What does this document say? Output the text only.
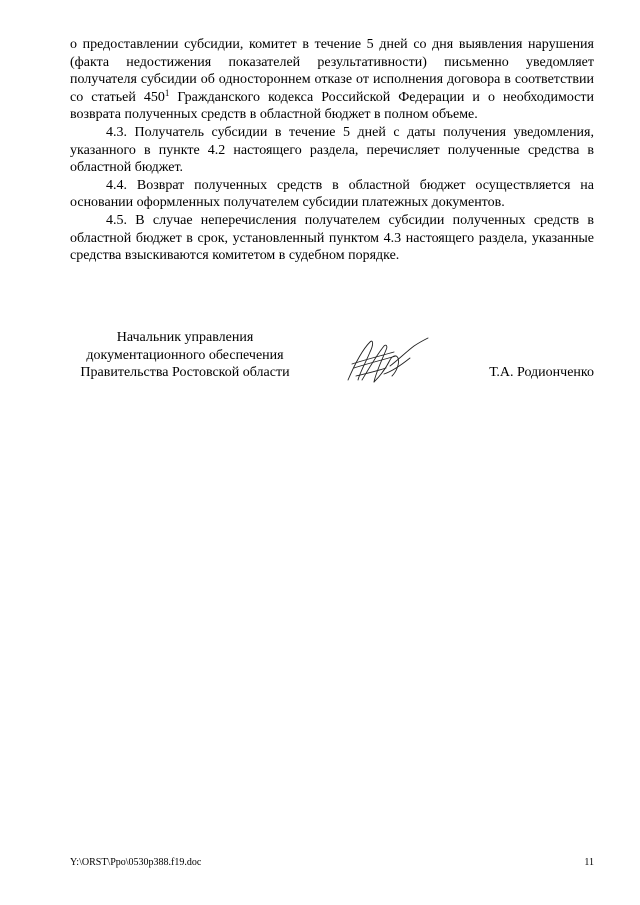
о предоставлении субсидии, комитет в течение 5 дней со дня выявления нарушения (факта недостижения показателей результативности) письменно уведомляет получателя субсидии об одностороннем отказе от исполнения договора в соответствии со статьей $450^1$ Гражданского кодекса Российской Федерации и о необходимости возврата полученных средств в областной бюджет в полном объеме.

4.3. Получатель субсидии в течение 5 дней с даты получения уведомления, указанного в пункте 4.2 настоящего раздела, перечисляет полученные средства в областной бюджет.

4.4. Возврат полученных средств в областной бюджет осуществляется на основании оформленных получателем субсидии платежных документов.

4.5. В случае неперечисления получателем субсидии полученных средств в областной бюджет в срок, установленный пунктом 4.3 настоящего раздела, указанные средства взыскиваются комитетом в судебном порядке.

Начальник управления
документационного обеспечения
Правительства Ростовской области	Т.А. Родионченко
Y:\ORST\Ppo\0530p388.f19.doc	11
